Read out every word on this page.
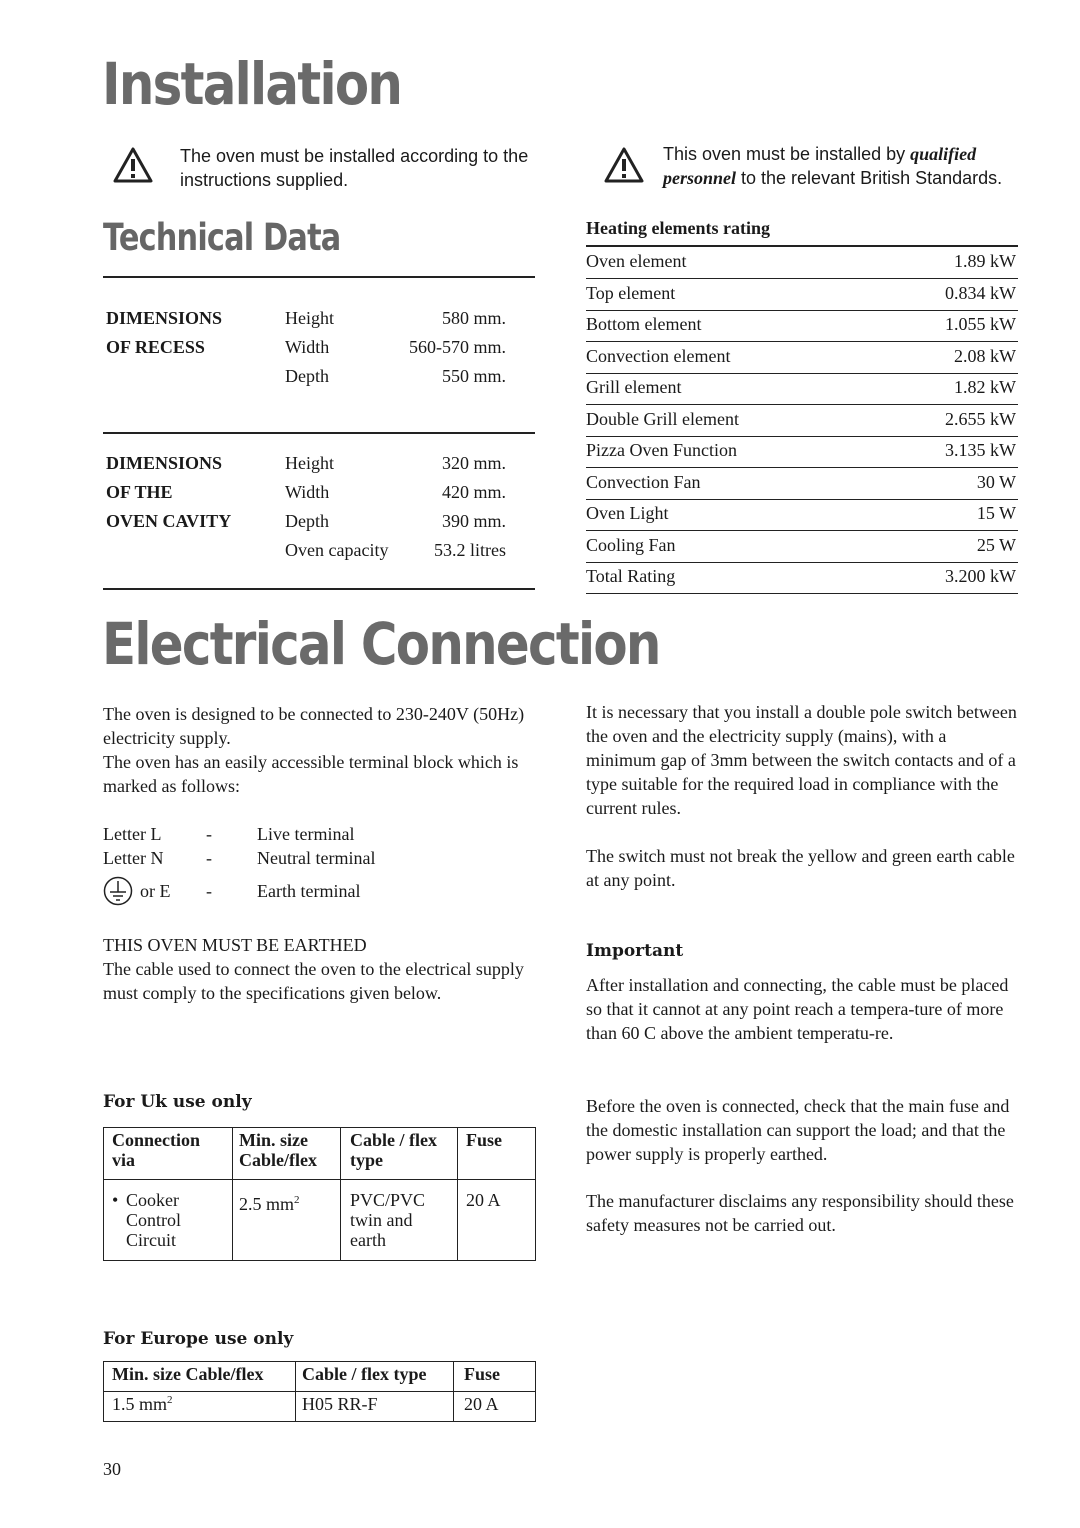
Installation
The oven must be installed according to the instructions supplied.
This oven must be installed by qualified
personnel to the relevant British Standards.
Technical Data
DIMENSIONS
OF RECESS
Height	580 mm.
Width	560-570 mm.
Depth	550 mm.
DIMENSIONS
OF THE
OVEN CAVITY
Height	320 mm.
Width	420 mm.
Depth	390 mm.
Oven capacity	53.2 litres
Heating elements rating
Oven element	1.89 kW
Top element	0.834 kW
Bottom element	1.055 kW
Convection element	2.08 kW
Grill element	1.82 kW
Double Grill element	2.655 kW
Pizza Oven Function	3.135 kW
Convection Fan	30 W
Oven Light	15 W
Cooling Fan	25 W
Total Rating	3.200 kW
Electrical Connection
The oven is designed to be connected to 230-240V (50Hz) electricity supply.
The oven has an easily accessible terminal block which is marked as follows:
Letter L -	Live terminal
Letter N -	Neutral terminal
or E -	Earth terminal
THIS OVEN MUST BE EARTHED
The cable used to connect the oven to the electrical supply must comply to the specifications given below.
For Uk use only
Connection via	Min. size Cable/flex	Cable / flex type	Fuse

• Cooker Control Circuit	2.5 $mm^2$	PVC/PVC twin and earth	20 A
For Europe use only
Min. size Cable/flex	Cable / flex type	Fuse
1.5 $mm^2$	H05 RR-F	20 A
It is necessary that you install a double pole switch between the oven and the electricity supply (mains), with a minimum gap of 3mm between the switch contacts and of a type suitable for the required load in compliance with the current rules.
The switch must not break the yellow and green earth cable at any point.
Important
After installation and connecting, the cable must be placed so that it cannot at any point reach a tempera-ture of more than 60 C above the ambient temperatu-re.
Before the oven is connected, check that the main fuse and the domestic installation can support the load; and that the power supply is properly earthed.
The manufacturer disclaims any responsibility should these safety measures not be carried out.
30
